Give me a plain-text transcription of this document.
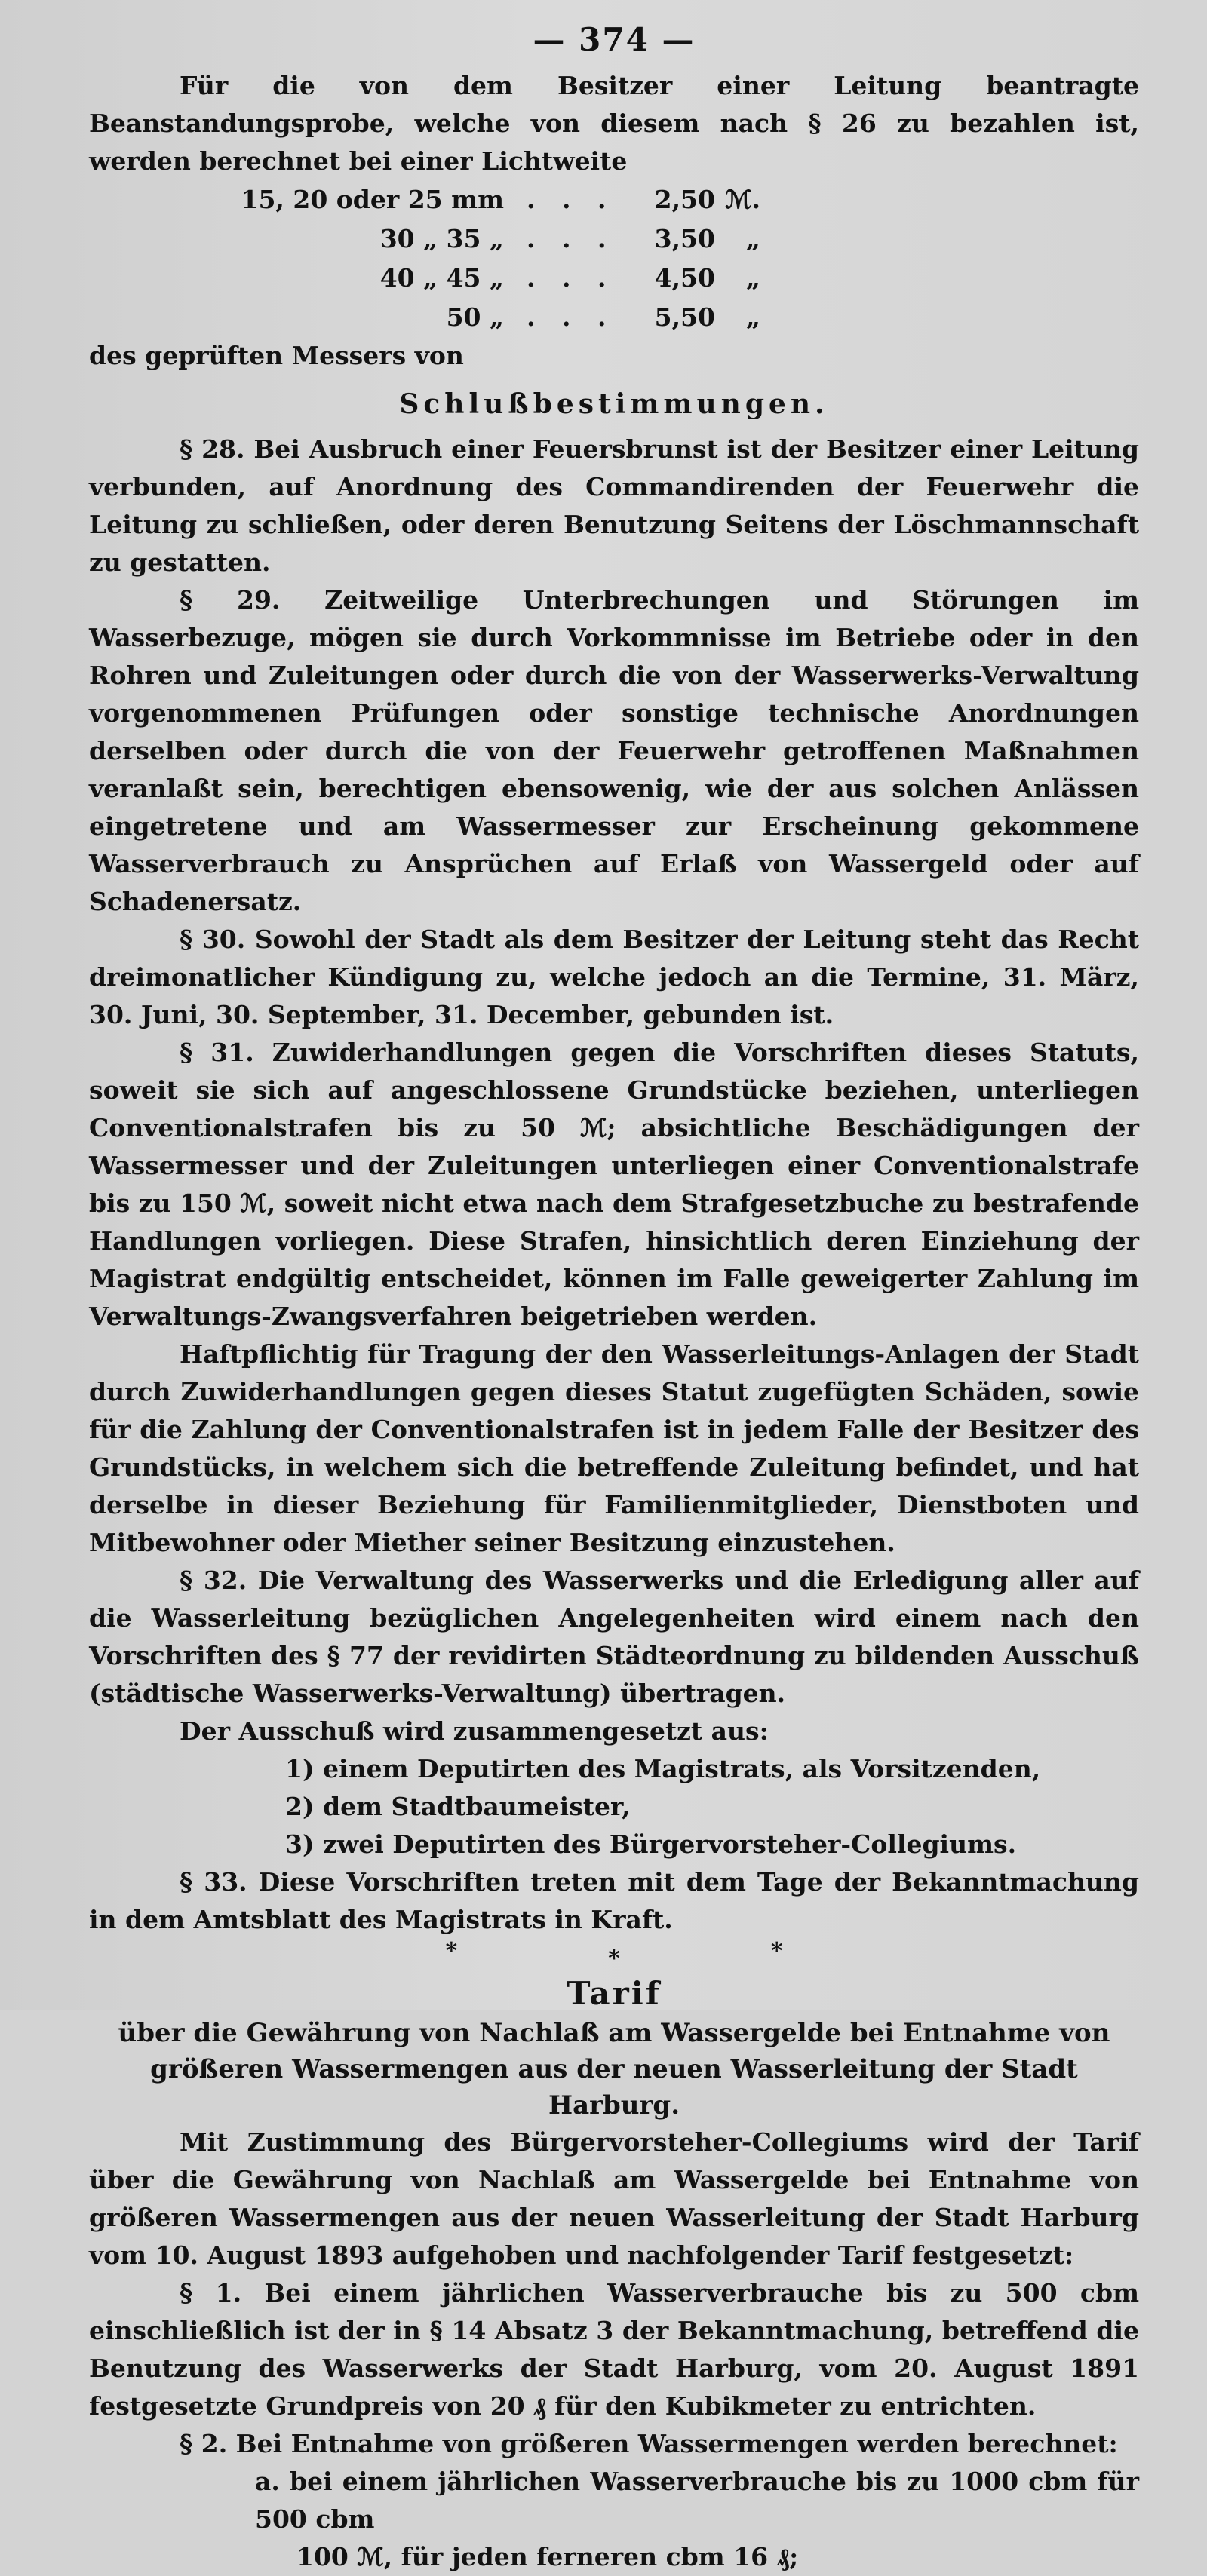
— 374 —

Für die von dem Besitzer einer Leitung beantragte Beanstandungsprobe, welche von diesem nach § 26 zu bezahlen ist, werden berechnet bei einer Lichtweite

15, 20 oder 25 mm . . .	2,50 ℳ.
30 „ 35 „ . . .	3,50	„
40 „ 45 „ . . .	4,50	„
50 „ . . .	5,50	„

des geprüften Messers von

Schlußbestimmungen.

§ 28. Bei Ausbruch einer Feuersbrunst ist der Besitzer einer Leitung verbunden, auf Anordnung des Commandirenden der Feuerwehr die Leitung zu schließen, oder deren Benutzung Seitens der Löschmannschaft zu gestatten.

§ 29. Zeitweilige Unterbrechungen und Störungen im Wasserbezuge, mögen sie durch Vorkommnisse im Betriebe oder in den Rohren und Zuleitungen oder durch die von der Wasserwerks-Verwaltung vorgenommenen Prüfungen oder sonstige technische Anordnungen derselben oder durch die von der Feuerwehr getroffenen Maßnahmen veranlaßt sein, berechtigen ebensowenig, wie der aus solchen Anlässen eingetretene und am Wassermesser zur Erscheinung gekommene Wasserverbrauch zu Ansprüchen auf Erlaß von Wassergeld oder auf Schadenersatz.

§ 30. Sowohl der Stadt als dem Besitzer der Leitung steht das Recht dreimonatlicher Kündigung zu, welche jedoch an die Termine, 31. März, 30. Juni, 30. September, 31. December, gebunden ist.

§ 31. Zuwiderhandlungen gegen die Vorschriften dieses Statuts, soweit sie sich auf angeschlossene Grundstücke beziehen, unterliegen Conventionalstrafen bis zu 50 ℳ; absichtliche Beschädigungen der Wassermesser und der Zuleitungen unterliegen einer Conventionalstrafe bis zu 150 ℳ, soweit nicht etwa nach dem Strafgesetzbuche zu bestrafende Handlungen vorliegen. Diese Strafen, hinsichtlich deren Einziehung der Magistrat endgültig entscheidet, können im Falle geweigerter Zahlung im Verwaltungs-Zwangsverfahren beigetrieben werden.

Haftpflichtig für Tragung der den Wasserleitungs-Anlagen der Stadt durch Zuwiderhandlungen gegen dieses Statut zugefügten Schäden, sowie für die Zahlung der Conventionalstrafen ist in jedem Falle der Besitzer des Grundstücks, in welchem sich die betreffende Zuleitung befindet, und hat derselbe in dieser Beziehung für Familienmitglieder, Dienstboten und Mitbewohner oder Miether seiner Besitzung einzustehen.

§ 32. Die Verwaltung des Wasserwerks und die Erledigung aller auf die Wasserleitung bezüglichen Angelegenheiten wird einem nach den Vorschriften des § 77 der revidirten Städteordnung zu bildenden Ausschuß (städtische Wasserwerks-Verwaltung) übertragen.

Der Ausschuß wird zusammengesetzt aus:

1) einem Deputirten des Magistrats, als Vorsitzenden,
2) dem Stadtbaumeister,
3) zwei Deputirten des Bürgervorsteher-Collegiums.

§ 33. Diese Vorschriften treten mit dem Tage der Bekanntmachung in dem Amtsblatt des Magistrats in Kraft.

*	*	*
Tarif
über die Gewährung von Nachlaß am Wassergelde bei Entnahme von größeren Wassermengen aus der neuen Wasserleitung der Stadt Harburg.

Mit Zustimmung des Bürgervorsteher-Collegiums wird der Tarif über die Gewährung von Nachlaß am Wassergelde bei Entnahme von größeren Wassermengen aus der neuen Wasserleitung der Stadt Harburg vom 10. August 1893 aufgehoben und nachfolgender Tarif festgesetzt:

§ 1. Bei einem jährlichen Wasserverbrauche bis zu 500 cbm einschließlich ist der in § 14 Absatz 3 der Bekanntmachung, betreffend die Benutzung des Wasserwerks der Stadt Harburg, vom 20. August 1891 festgesetzte Grundpreis von 20 ₰ für den Kubikmeter zu entrichten.

§ 2. Bei Entnahme von größeren Wassermengen werden berechnet:

a. bei einem jährlichen Wasserverbrauche bis zu 1000 cbm für 500 cbm

100 ℳ, für jeden ferneren cbm 16 ₰;
